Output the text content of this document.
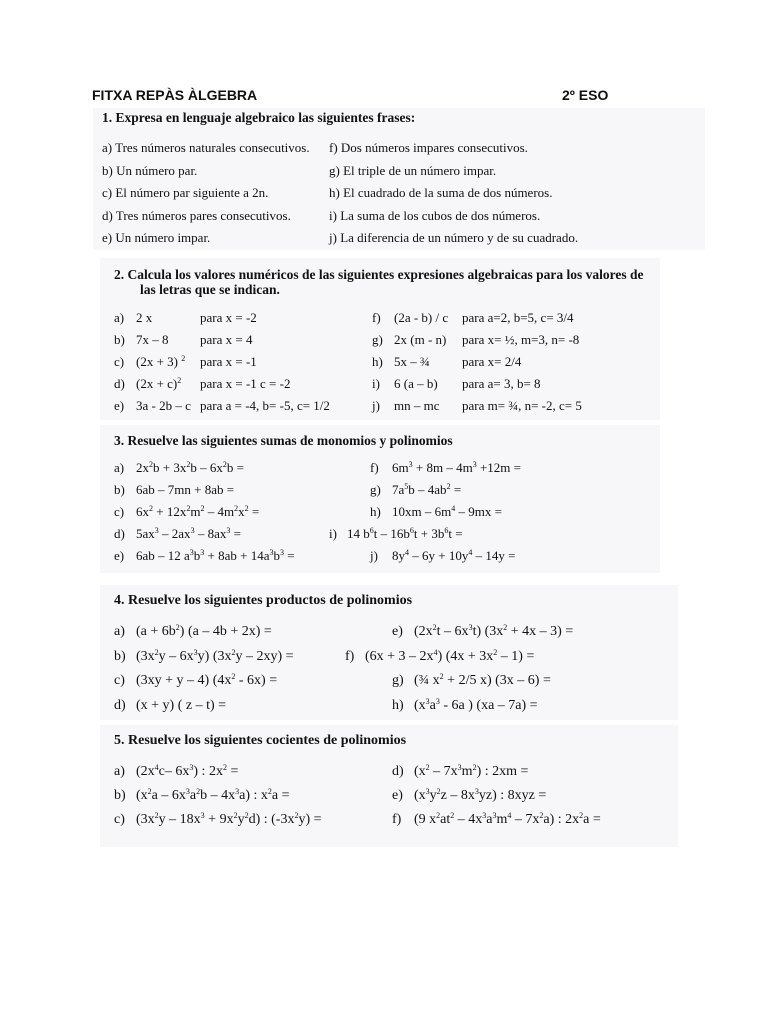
FITXA REPÀS ÀLGEBRA	2º ESO
1. Expresa en lenguaje algebraico las siguientes frases:
a) Tres números naturales consecutivos.
b) Un número par.
c) El número par siguiente a 2n.
d) Tres números pares consecutivos.
e) Un número impar.
f) Dos números impares consecutivos.
g) El triple de un número impar.
h) El cuadrado de la suma de dos números.
i) La suma de los cubos de dos números.
j) La diferencia de un número y de su cuadrado.
2. Calcula los valores numéricos de las siguientes expresiones algebraicas para los valores de
las letras que se indican.
a) 2 x	para x = -2
b) 7x – 8 para x = 4
c) (2x + 3) $^2$ para x = -1
d) $(2x + c)^2$ para x = -1 c = -2
e) 3a - 2b – c para a = -4, b= -5, c= 1/2
f) (2a - b) / c para a=2, b=5, c= 3/4
g) 2x (m - n) para x= ½, m=3, n= -8
h) 5x – ¾ para x= 2/4
i) 6 (a – b) para a= 3, b= 8
j) mn – mc para m= ¾, n= -2, c= 5
3. Resuelve las siguientes sumas de monomios y polinomios
a) $2x^2b + 3x^2b - 6x^2b$ =
b) 6ab – 7mn + 8ab =
c) $6x^2 + 12x^2m^2 - 4m^2x^2$ =
d) $5ax^3 - 2ax^3 - 8ax^3$ =
e) 6ab – 12 $a^3b^3 + 8ab + 14a^3b^3$ =
f) $6m^3 + 8m - 4m^3 +12m$ =
g) $7a^5b - 4ab^2$ =
h) $10xm - 6m^4 - 9mx$ =
i) 14 $b^6t - 16b^6t + 3b^6t$ =
j) $8y^4 - 6y + 10y^4 - 14y$ =
4. Resuelve los siguientes productos de polinomios
a) $(a + 6b^2)$ (a – 4b + 2x) =
b) $(3x^2y - 6x^3y)$ $(3x^2y - 2xy)$ =
c) (3xy + y – 4) $(4x^2 - 6x)$ =
d) (x + y) ( z – t) =
e) $(2x^2t - 6x^3t) (3x^2 + 4x - 3)$ =
f) $(6x + 3 - 2x^4)$ $(4x + 3x^2 - 1)$ =
g) (¾ $x^2 + 2/5$ x) (3x – 6) =
h) ($x^3a^3 - 6a$ ) (xa – 7a) =
5. Resuelve los siguientes cocientes de polinomios
a) ($2x^4c-$ $6x^3$) : $2x^2$ =
b) $(x^2a - 6x^3a^2b - 4x^3a)$ : $x^2a$ =
c) $(3x^2y - 18x^3 + 9x^2y^2d)$ : $(-3x^2y)$ =
d) $(x^2 - 7x^3m^2)$ : 2xm =
e) $(x^3y^2z - 8x^3yz)$ : 8xyz =
f) (9 $x^2at^2 - 4x^3a^3m^4 - 7x^2a$) : $2x^2a$ =
